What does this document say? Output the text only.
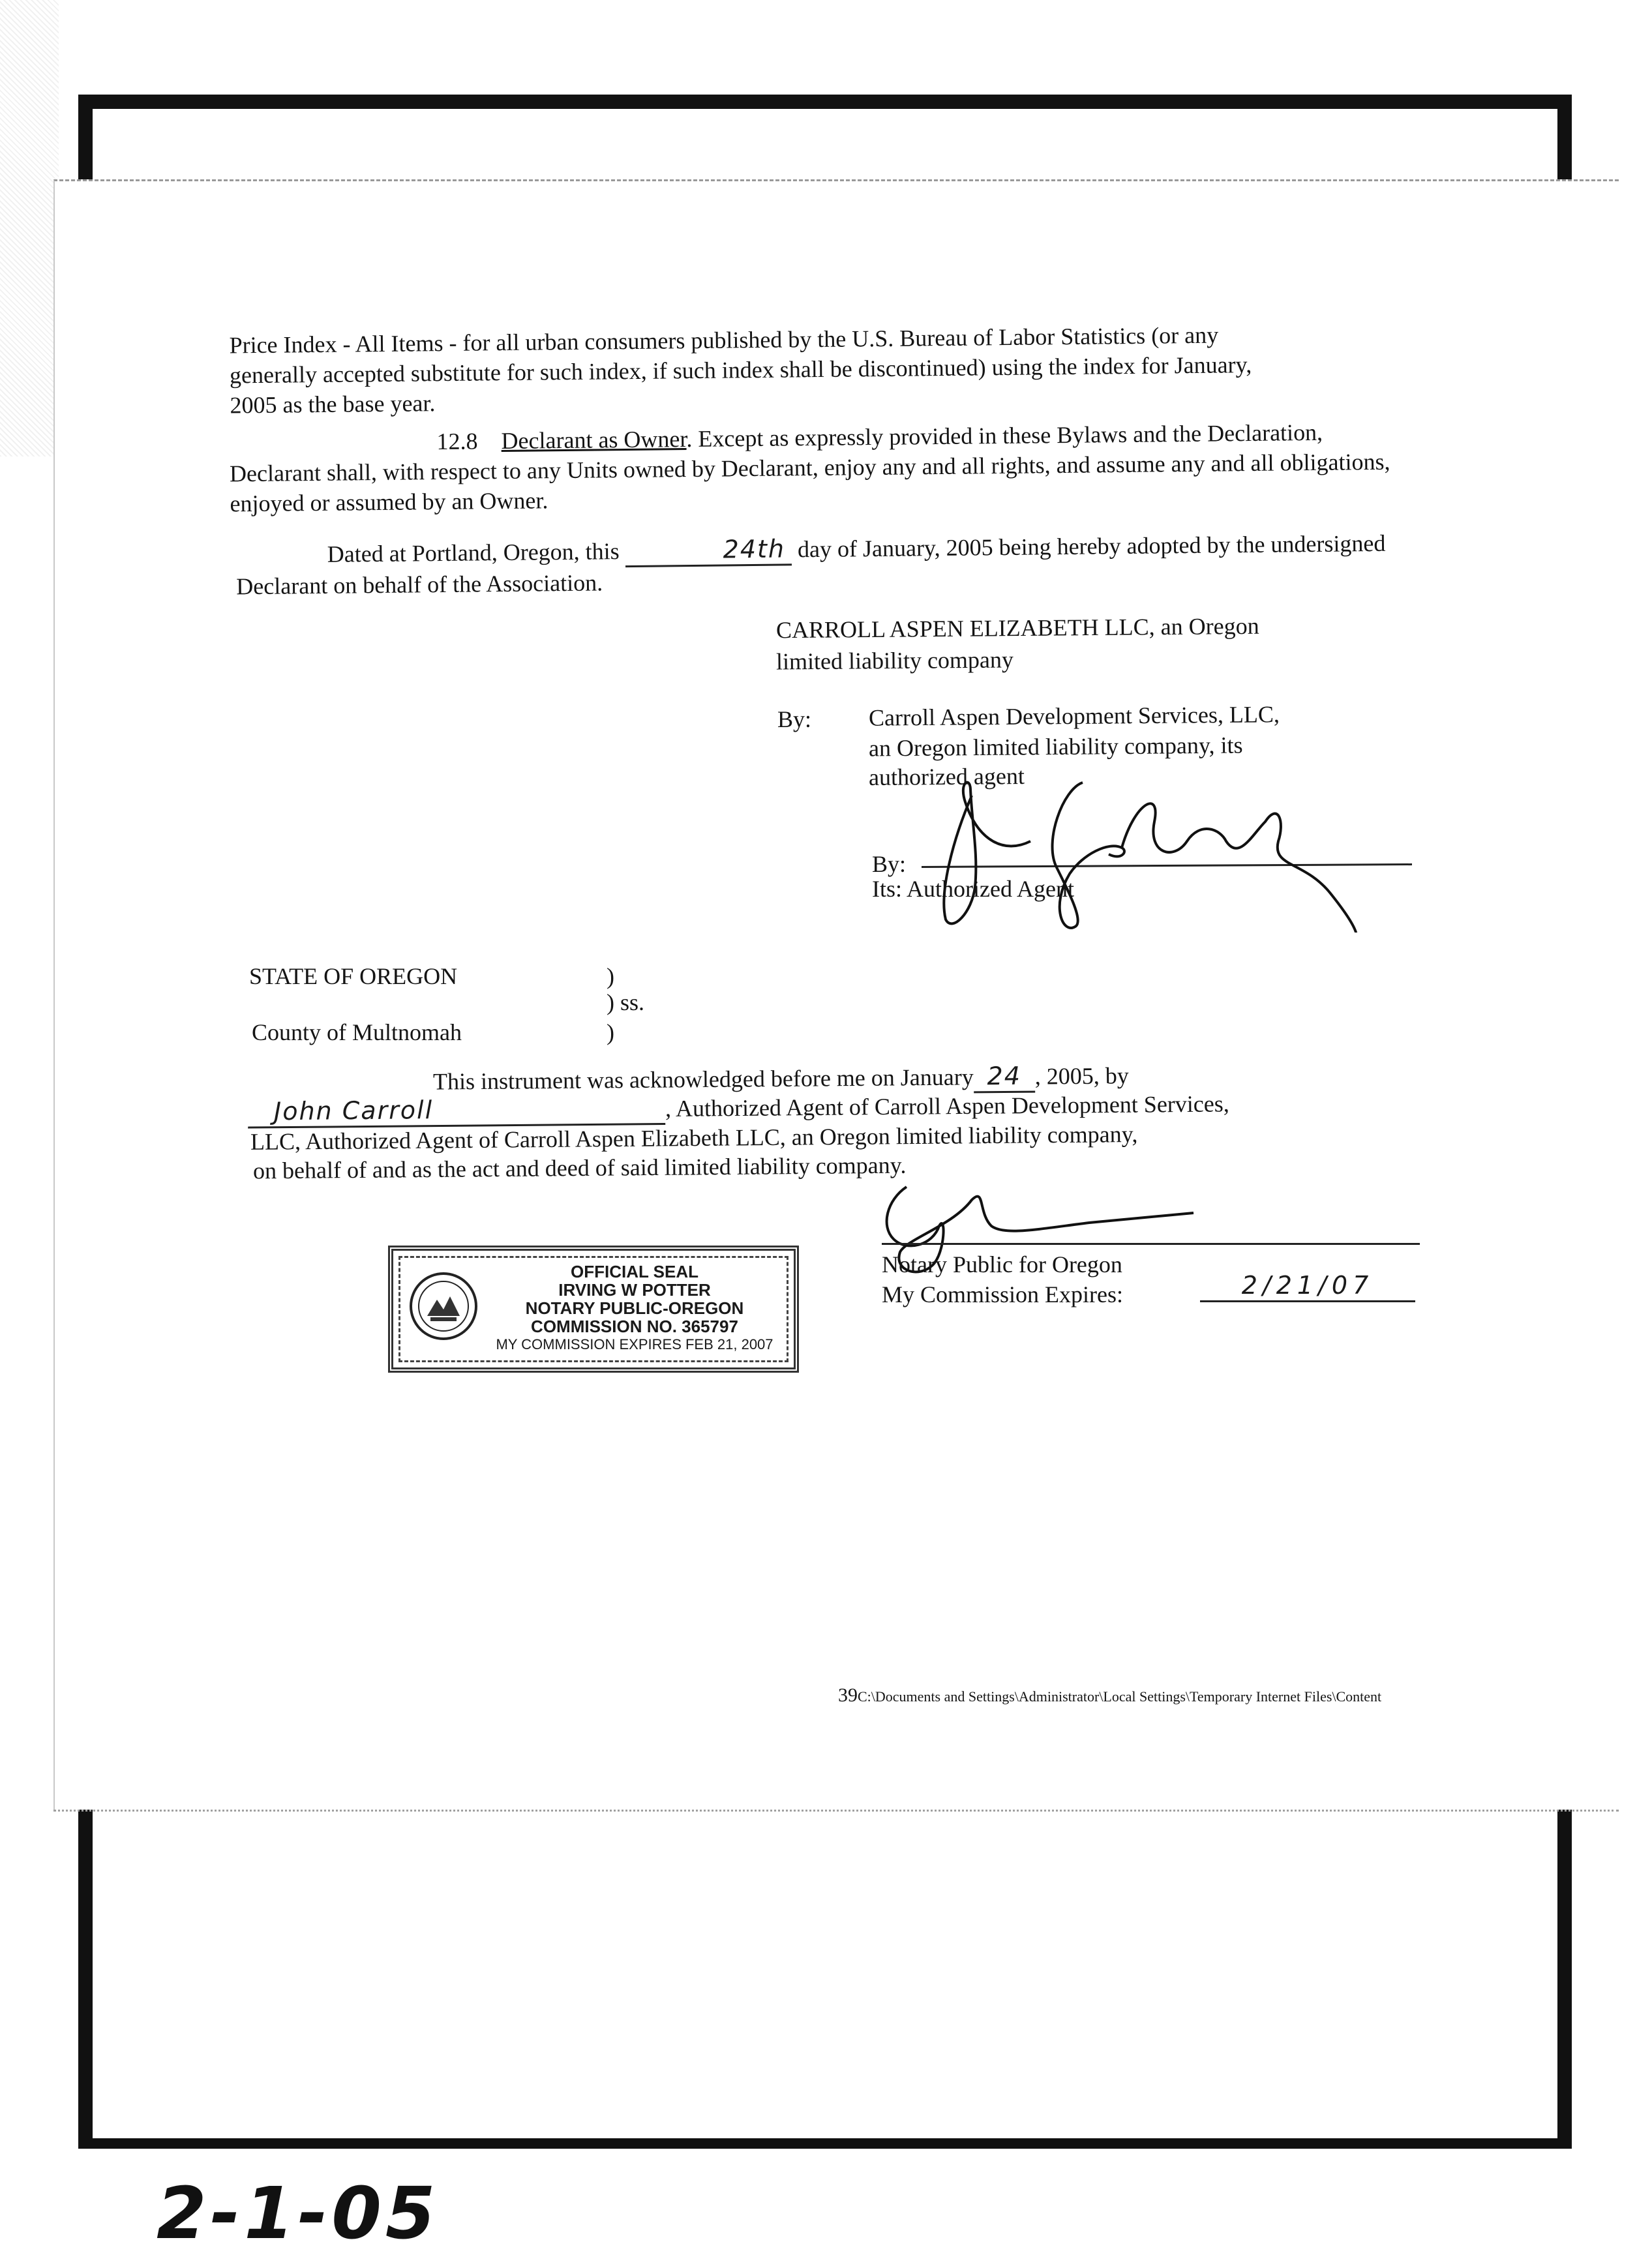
Price Index - All Items - for all urban consumers published by the U.S. Bureau of Labor Statistics (or any generally accepted substitute for such index, if such index shall be discontinued) using the index for January, 2005 as the base year.
12.8 Declarant as Owner. Except as expressly provided in these Bylaws and the Declaration, Declarant shall, with respect to any Units owned by Declarant, enjoy any and all rights, and assume any and all obligations, enjoyed or assumed by an Owner.
Dated at Portland, Oregon, this	24th day of January, 2005 being hereby adopted by the undersigned Declarant on behalf of the Association.
CARROLL ASPEN ELIZABETH LLC, an Oregon
limited liability company
By: Carroll Aspen Development Services, LLC,
an Oregon limited liability company, its
authorized agent
By:
Its: Authorized Agent
STATE OF OREGON	)
) ss.
County of Multnomah	)
This instrument was acknowledged before me on January 24 , 2005, by
John Carroll	, Authorized Agent of Carroll Aspen Development Services,
LLC, Authorized Agent of Carroll Aspen Elizabeth LLC, an Oregon limited liability company,
on behalf of and as the act and deed of said limited liability company.
Notary Public for Oregon
My Commission Expires:	2/21/07
OFFICIAL SEAL
IRVING W POTTER
NOTARY PUBLIC-OREGON
COMMISSION NO. 365797
MY COMMISSION EXPIRES FEB 21, 2007
39C:\Documents and Settings\Administrator\Local Settings\Temporary Internet Files\Content
2-1-05
